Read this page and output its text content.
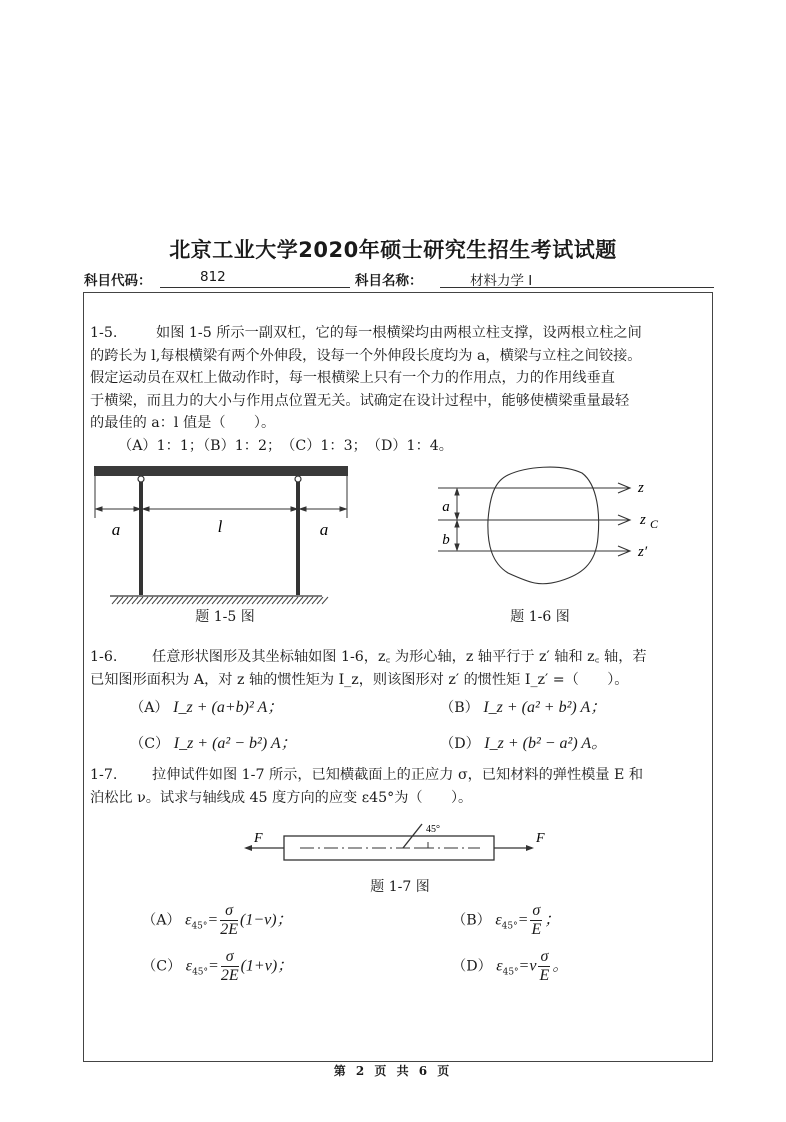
北京工业大学2020年硕士研究生招生考试试题
科目代码：	812	科目名称：	材料力学 I
1-5.	如图 1-5 所示一副双杠，它的每一根横梁均由两根立柱支撑，设两根立柱之间
的跨长为 l,每根横梁有两个外伸段，设每一个外伸段长度均为 a，横梁与立柱之间铰接。
假定运动员在双杠上做动作时，每一根横梁上只有一个力的作用点，力的作用线垂直
于横梁，而且力的大小与作用点位置无关。试确定在设计过程中，能够使横梁重量最轻
的最佳的 a：l 值是（　　）。
（A）1：1；（B）1：2；　（C）1：3；　（D）1：4。
a	l	a
题 1-5 图
a
b
z
z C
z′
题 1-6 图
1-6. 任意形状图形及其坐标轴如图 1-6，z꜀ 为形心轴，z 轴平行于 z′ 轴和 z꜀ 轴，若
已知图形面积为 A，对 z 轴的惯性矩为 I_z，则该图形对 z′ 的惯性矩 I_z′ =（　　）。
（A） I_z + (a+b)² A；	（B） I_z + (a² + b²) A；
（C） I_z + (a² − b²) A；	（D） I_z + (b² − a²) A。
1-7. 拉伸试件如图 1-7 所示，已知横截面上的正应力 σ，已知材料的弹性模量 E 和
泊松比 ν。试求与轴线成 45 度方向的应变 ε45°为（　　）。
F	F
45°
题 1-7 图
（A） $\varepsilon_{45^\circ}= \frac{\sigma}{2E} (1-\nu)$；	（B） $\varepsilon_{45^\circ}= \frac{\sigma}{E}$ ；
（C） $\varepsilon_{45^\circ}= \frac{\sigma}{2E} (1+\nu)$；	（D） $\varepsilon_{45^\circ}=\nu \frac{\sigma}{E}$ 。
第 2 页 共 6 页
